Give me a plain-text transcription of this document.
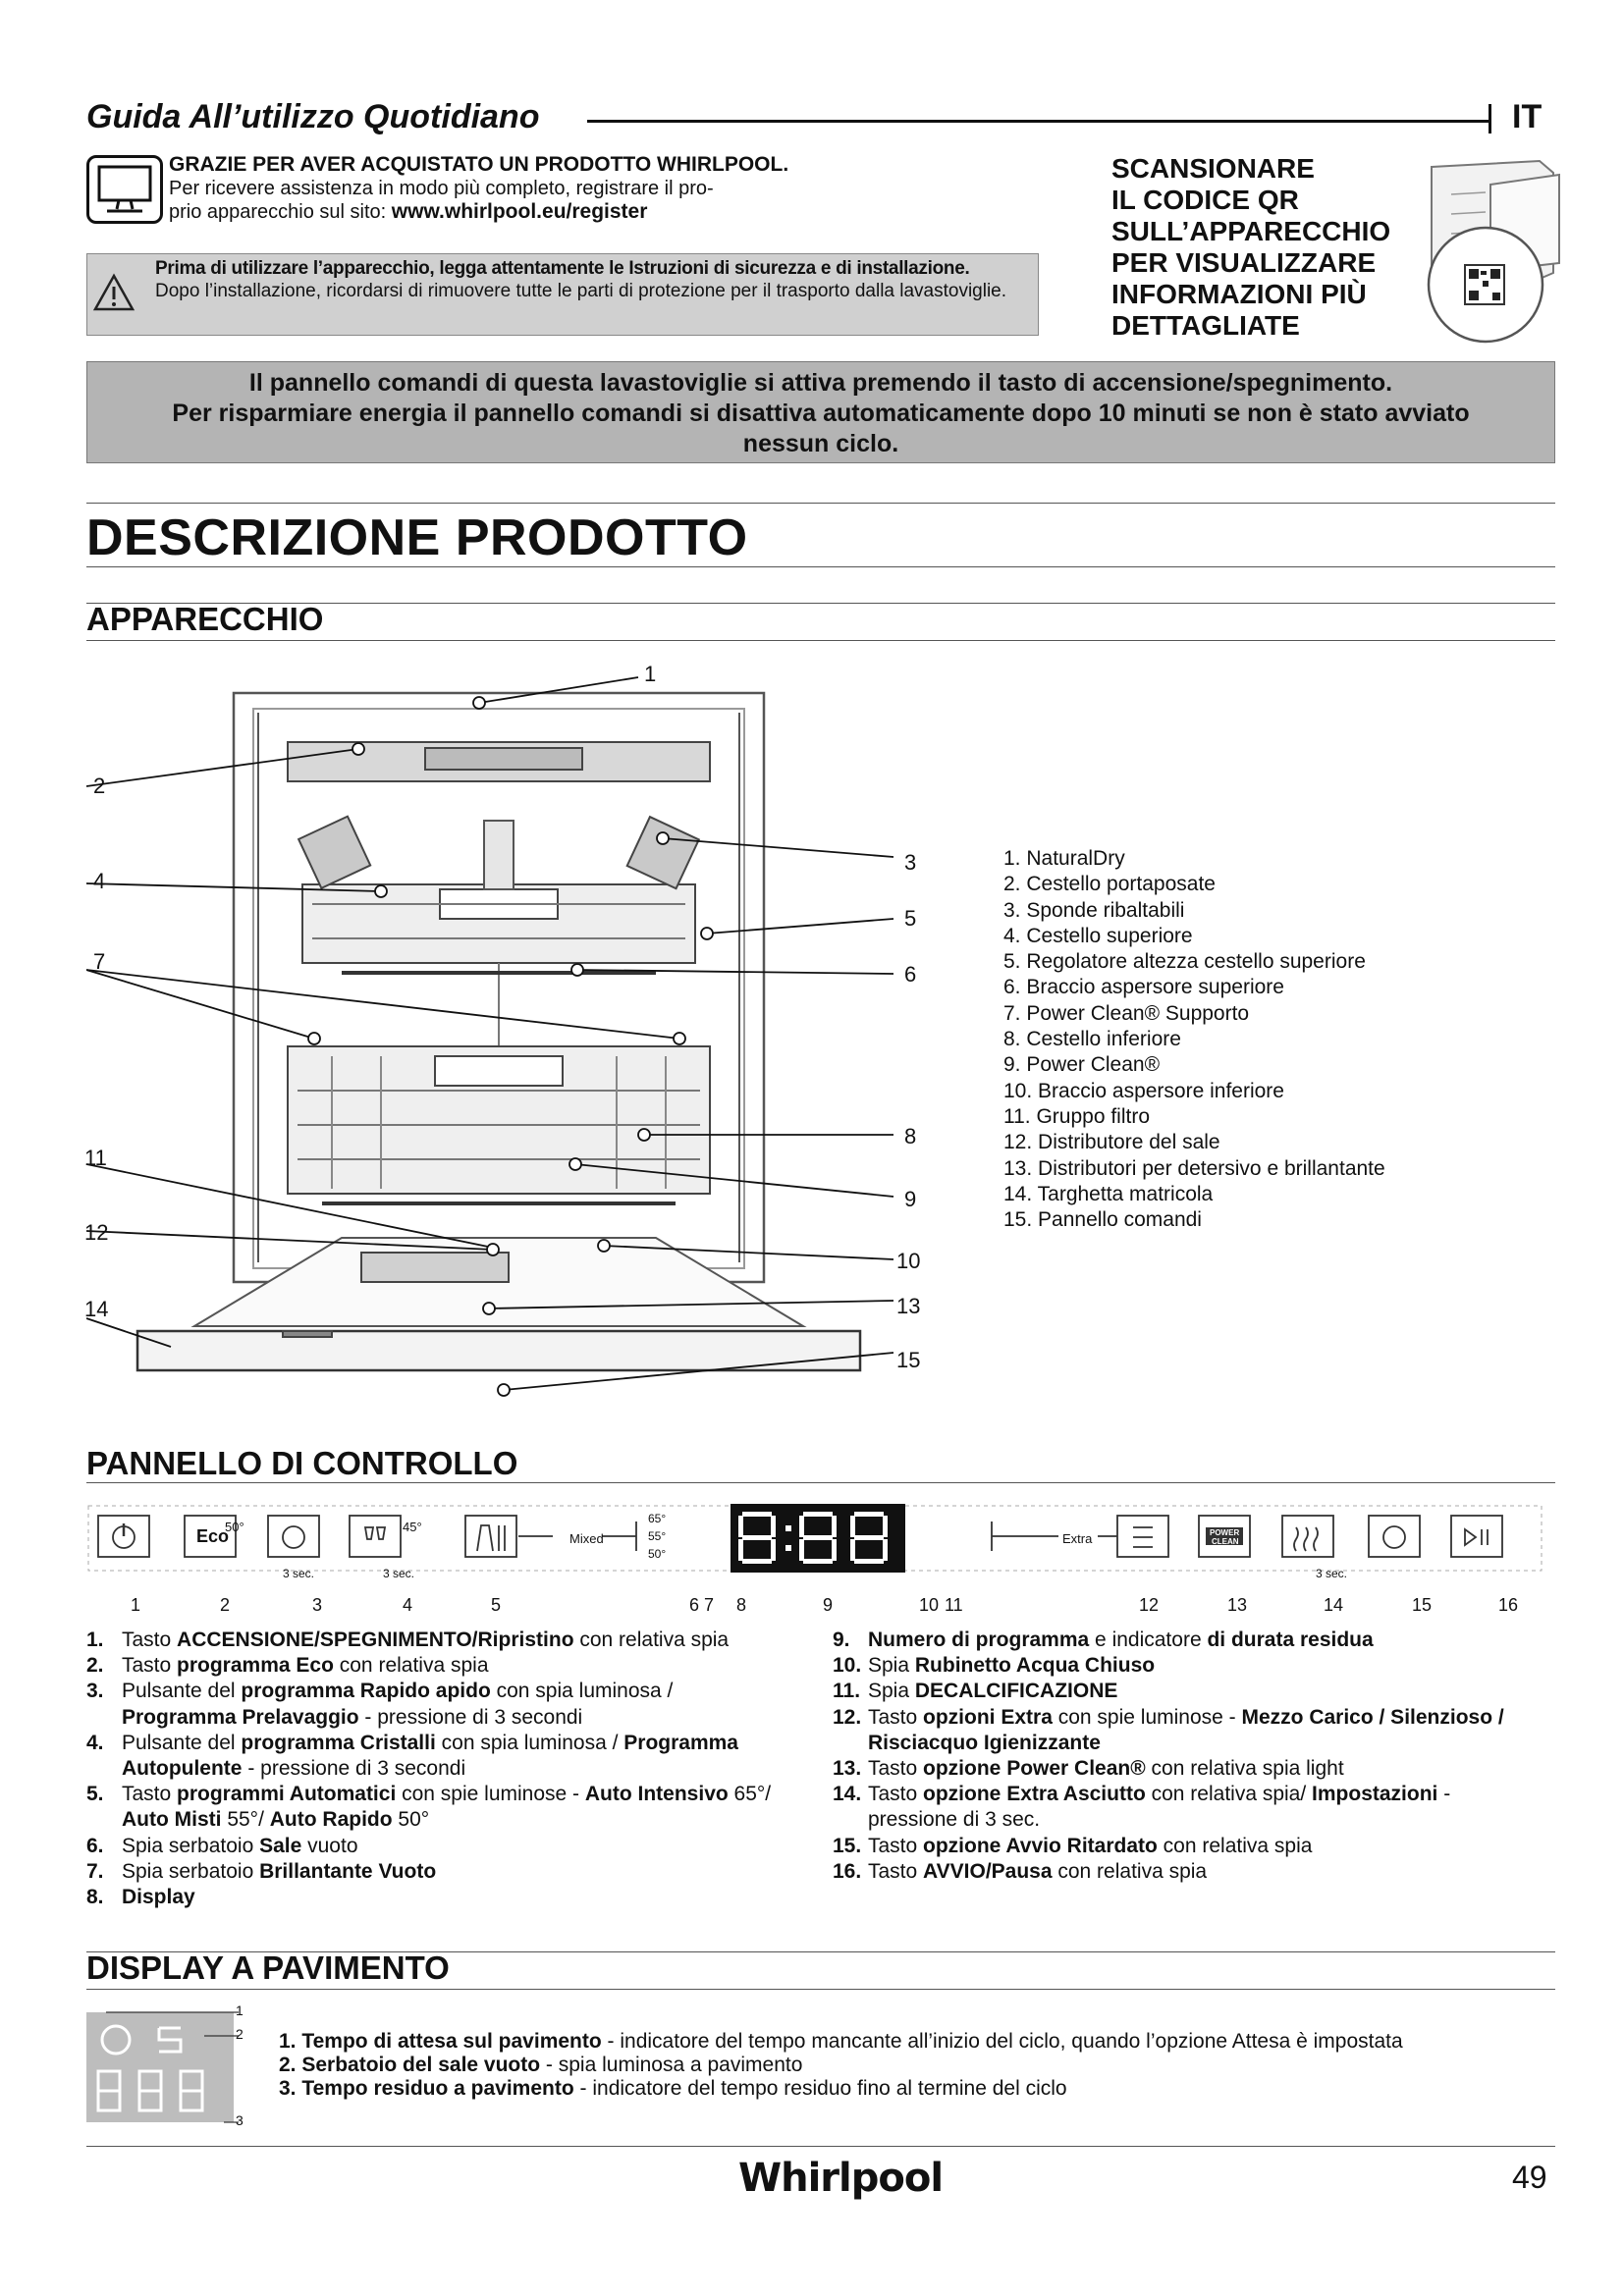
Guida All’utilizzo Quotidiano	IT
GRAZIE PER AVER ACQUISTATO UN PRODOTTO WHIRLPOOL.
Per ricevere assistenza in modo più completo, registrare il pro-
prio apparecchio sul sito: www.whirlpool.eu/register
Prima di utilizzare l’apparecchio, legga attentamente le Istruzioni di sicurezza e di installazione.
Dopo l’installazione, ricordarsi di rimuovere tutte le parti di protezione per il trasporto dalla lavastoviglie.
SCANSIONARE
IL CODICE QR
SULL’APPARECCHIO
PER VISUALIZZARE
INFORMAZIONI PIÙ
DETTAGLIATE
Il pannello comandi di questa lavastoviglie si attiva premendo il tasto di accensione/spegnimento.
Per risparmiare energia il pannello comandi si disattiva automaticamente dopo 10 minuti se non è stato avviato
nessun ciclo.
DESCRIZIONE PRODOTTO
APPARECCHIO
1
2
4
7
11
12
14
3
5
6
8
9
10
13
15
1. NaturalDry
2. Cestello portaposate
3. Sponde ribaltabili
4. Cestello superiore
5. Regolatore altezza cestello superiore
6. Braccio aspersore superiore
7. Power Clean® Supporto
8. Cestello inferiore
9. Power Clean®
10. Braccio aspersore inferiore
11. Gruppo filtro
12. Distributore del sale
13. Distributori per detersivo e brillantante
14. Targhetta matricola
15. Pannello comandi
PANNELLO DI CONTROLLO
Eco
50°	45°
Mixed
65°
55°
50°
Extra	POWER
CLEAN
3 sec.	3 sec.	3 sec.
1	2	3	4	5	6 7 8	9	10 11	12	13	14	15	16
1. Tasto ACCENSIONE/SPEGNIMENTO/Ripristino con relativa spia
2. Tasto programma Eco con relativa spia
3. Pulsante del programma Rapido apido con spia luminosa / Programma Prelavaggio - pressione di 3 secondi
4. Pulsante del programma Cristalli con spia luminosa / Programma Autopulente - pressione di 3 secondi
5. Tasto programmi Automatici con spie luminose - Auto Intensivo 65°/ Auto Misti 55°/ Auto Rapido 50°
6. Spia serbatoio Sale vuoto
7. Spia serbatoio Brillantante Vuoto
8. Display
9. Numero di programma e indicatore di durata residua
10. Spia Rubinetto Acqua Chiuso
11. Spia DECALCIFICAZIONE
12. Tasto opzioni Extra con spie luminose - Mezzo Carico / Silenzioso / Risciacquo Igienizzante
13. Tasto opzione Power Clean® con relativa spia light
14. Tasto opzione Extra Asciutto con relativa spia/ Impostazioni - pressione di 3 sec.
15. Tasto opzione Avvio Ritardato con relativa spia
16. Tasto AVVIO/Pausa con relativa spia
DISPLAY A PAVIMENTO
1
2
3
1. Tempo di attesa sul pavimento - indicatore del tempo mancante all’inizio del ciclo, quando l’opzione Attesa è impostata
2. Serbatoio del sale vuoto - spia luminosa a pavimento
3. Tempo residuo a pavimento - indicatore del tempo residuo fino al termine del ciclo
Whirlpool	49
